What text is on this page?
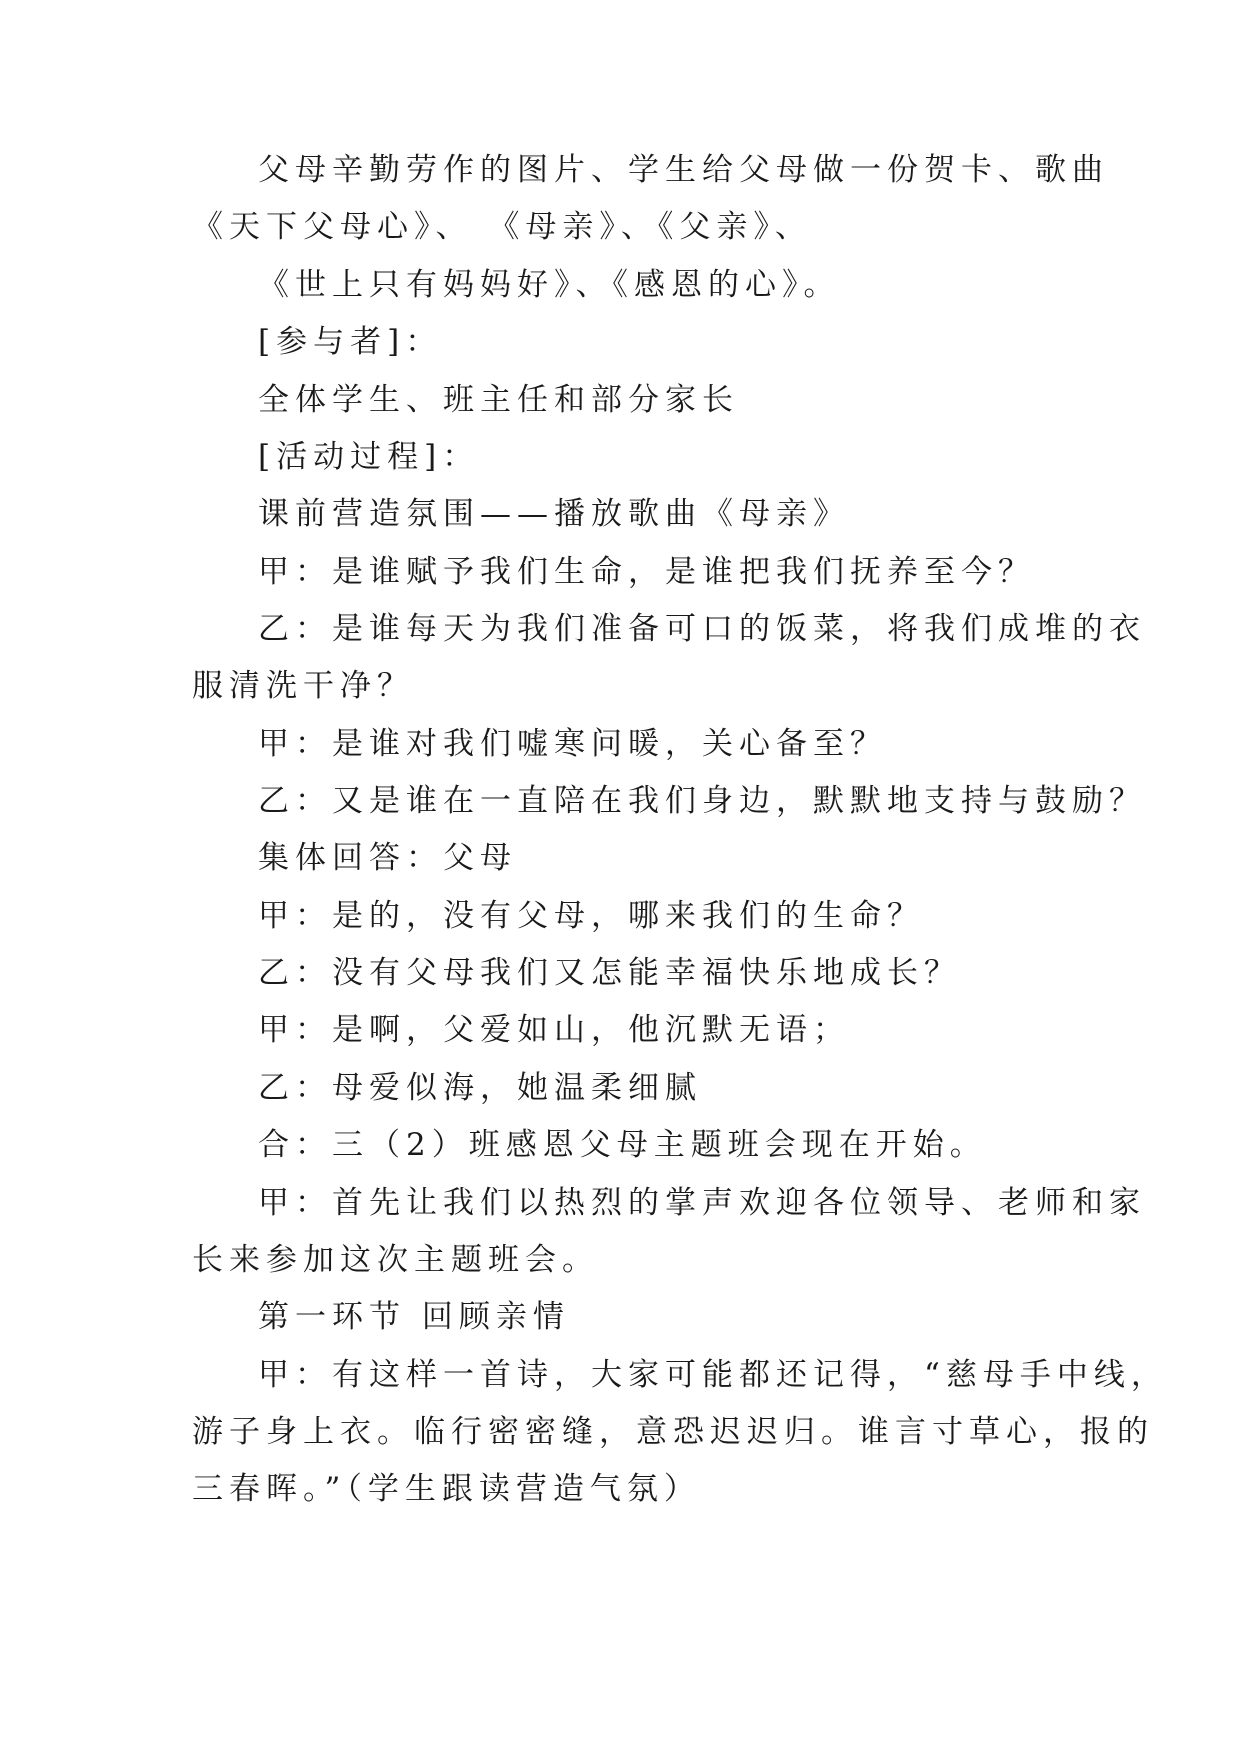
父母辛勤劳作的图片、学生给父母做一份贺卡、歌曲
《天下父母心》、 《母亲》、《父亲》、
《世上只有妈妈好》、《感恩的心》。
[参与者]：
全体学生、班主任和部分家长
[活动过程]：
课前营造氛围——播放歌曲《母亲》
甲：是谁赋予我们生命，是谁把我们抚养至今？
乙：是谁每天为我们准备可口的饭菜，将我们成堆的衣
服清洗干净？
甲：是谁对我们嘘寒问暖，关心备至？
乙：又是谁在一直陪在我们身边，默默地支持与鼓励？
集体回答：父母
甲：是的，没有父母，哪来我们的生命？
乙：没有父母我们又怎能幸福快乐地成长？
甲：是啊，父爱如山，他沉默无语；
乙：母爱似海，她温柔细腻
合：三（2）班感恩父母主题班会现在开始。
甲：首先让我们以热烈的掌声欢迎各位领导、老师和家
长来参加这次主题班会。
第一环节 回顾亲情
甲：有这样一首诗，大家可能都还记得，“慈母手中线，
游子身上衣。临行密密缝，意恐迟迟归。谁言寸草心，报的
三春晖。”（学生跟读营造气氛）
